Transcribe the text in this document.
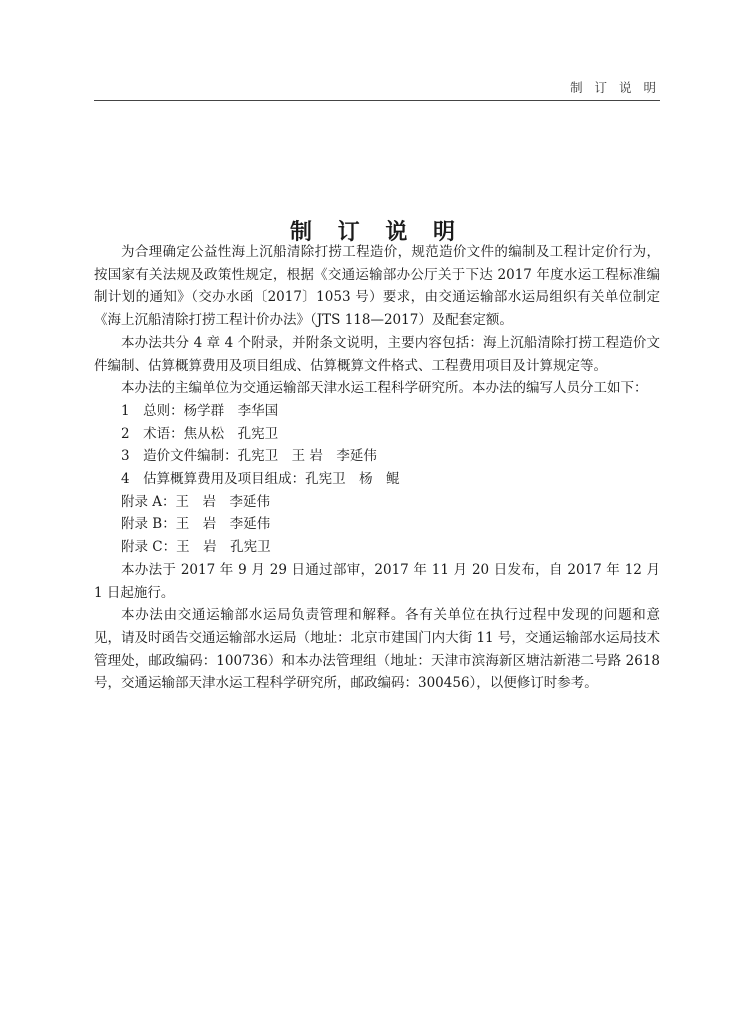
制 订 说 明
制 订 说 明

为合理确定公益性海上沉船清除打捞工程造价，规范造价文件的编制及工程计定价行为，按国家有关法规及政策性规定，根据《交通运输部办公厅关于下达 2017 年度水运工程标准编制计划的通知》（交办水函〔2017〕1053 号）要求，由交通运输部水运局组织有关单位制定《海上沉船清除打捞工程计价办法》（JTS 118—2017）及配套定额。

本办法共分 4 章 4 个附录，并附条文说明，主要内容包括：海上沉船清除打捞工程造价文件编制、估算概算费用及项目组成、估算概算文件格式、工程费用项目及计算规定等。

本办法的主编单位为交通运输部天津水运工程科学研究所。本办法的编写人员分工如下：

1　总则：杨学群　李华国

2　术语：焦从松　孔宪卫

3　造价文件编制：孔宪卫　王 岩　李延伟

4　估算概算费用及项目组成：孔宪卫　杨　鲲

附录 A：王　岩　李延伟

附录 B：王　岩　李延伟

附录 C：王　岩　孔宪卫

本办法于 2017 年 9 月 29 日通过部审，2017 年 11 月 20 日发布，自 2017 年 12 月 1 日起施行。

本办法由交通运输部水运局负责管理和解释。各有关单位在执行过程中发现的问题和意见，请及时函告交通运输部水运局（地址：北京市建国门内大街 11 号，交通运输部水运局技术管理处，邮政编码：100736）和本办法管理组（地址：天津市滨海新区塘沽新港二号路 2618 号，交通运输部天津水运工程科学研究所，邮政编码：300456），以便修订时参考。
